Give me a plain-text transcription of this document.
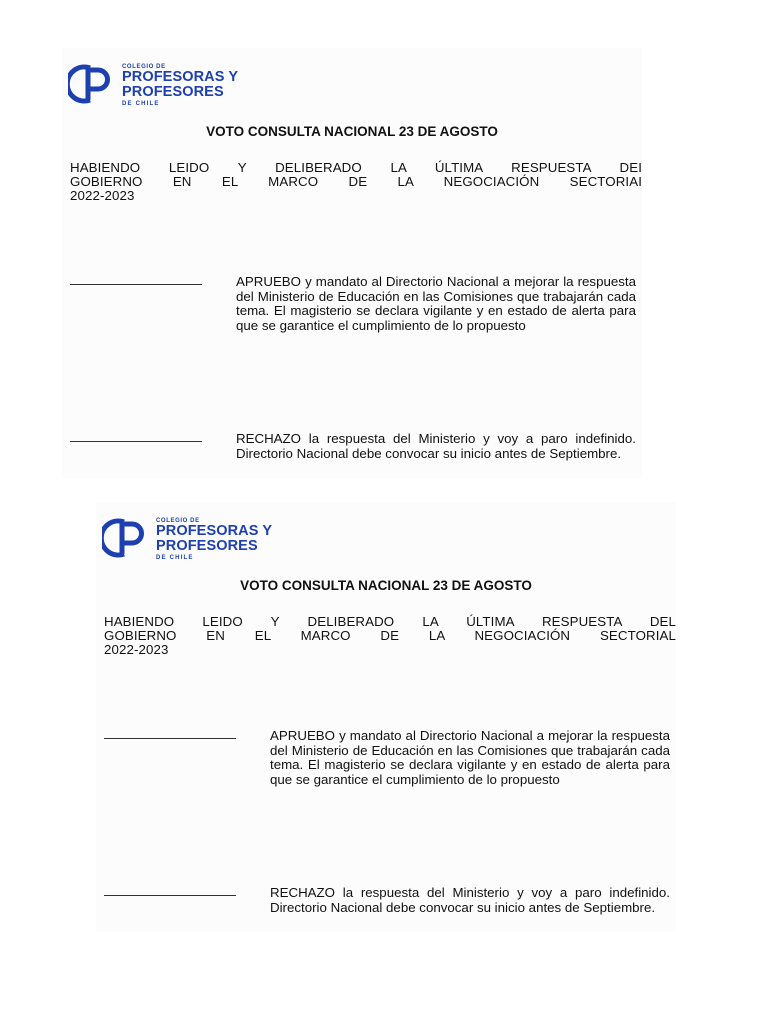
COLEGIO DE
PROFESORAS Y
PROFESORES
DE CHILE
VOTO CONSULTA NACIONAL 23 DE AGOSTO
HABIENDO LEIDO Y DELIBERADO LA ÚLTIMA RESPUESTA DEI
GOBIERNO EN EL MARCO DE LA NEGOCIACIÓN SECTORIAI
2022-2023
APRUEBO y mandato al Directorio Nacional a mejorar la respuesta del Ministerio de Educación en las Comisiones que trabajarán cada tema. El magisterio se declara vigilante y en estado de alerta para que se garantice el cumplimiento de lo propuesto
RECHAZO la respuesta del Ministerio y voy a paro indefinido. Directorio Nacional debe convocar su inicio antes de Septiembre.
COLEGIO DE
PROFESORAS Y
PROFESORES
DE CHILE
VOTO CONSULTA NACIONAL 23 DE AGOSTO
HABIENDO LEIDO Y DELIBERADO LA ÚLTIMA RESPUESTA DEL
GOBIERNO EN EL MARCO DE LA NEGOCIACIÓN SECTORIAL
2022-2023
APRUEBO y mandato al Directorio Nacional a mejorar la respuesta del Ministerio de Educación en las Comisiones que trabajarán cada tema. El magisterio se declara vigilante y en estado de alerta para que se garantice el cumplimiento de lo propuesto
RECHAZO la respuesta del Ministerio y voy a paro indefinido. Directorio Nacional debe convocar su inicio antes de Septiembre.
